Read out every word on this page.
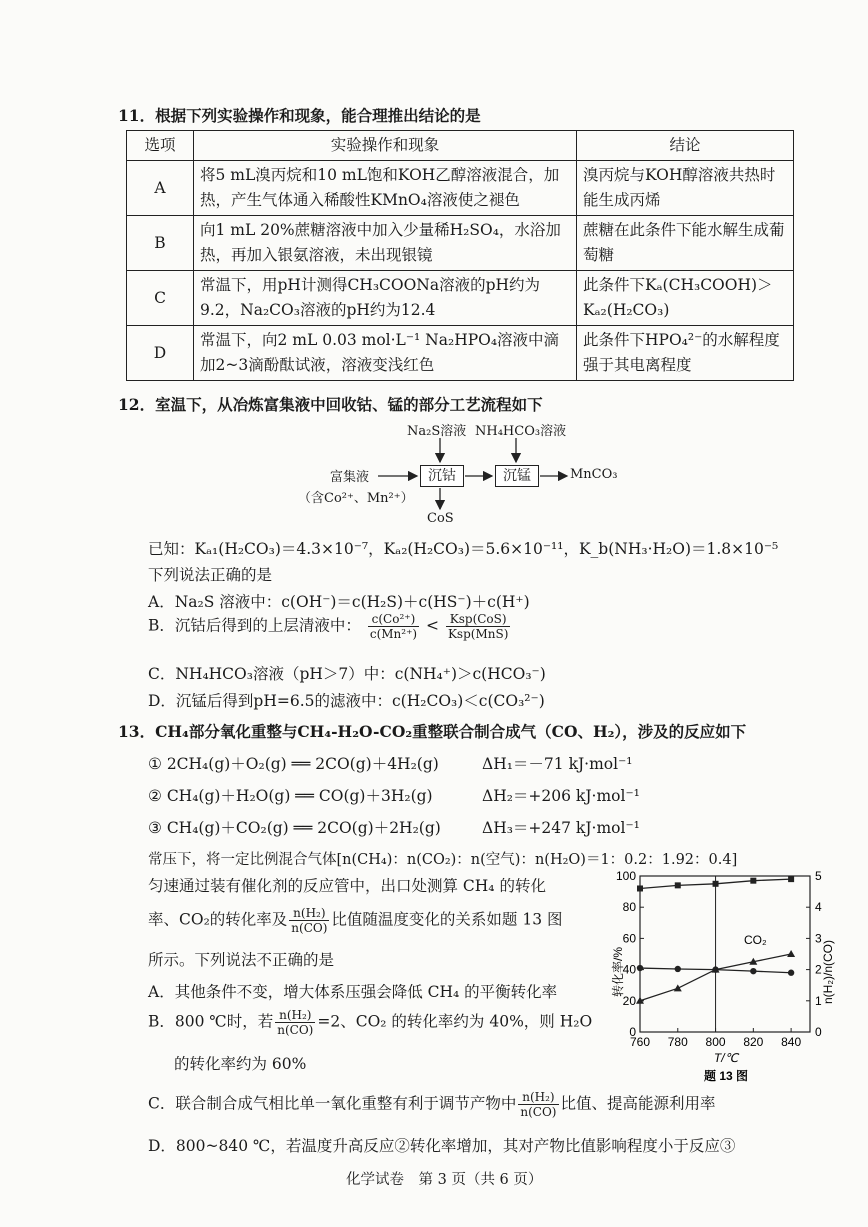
11．根据下列实验操作和现象，能合理推出结论的是
选项	实验操作和现象	结论
A	将5 mL溴丙烷和10 mL饱和KOH乙醇溶液混合，加热，产生气体通入稀酸性KMnO₄溶液使之褪色	溴丙烷与KOH醇溶液共热时能生成丙烯
B	向1 mL 20%蔗糖溶液中加入少量稀H₂SO₄，水浴加热，再加入银氨溶液，未出现银镜	蔗糖在此条件下能水解生成葡萄糖
C	常温下，用pH计测得CH₃COONa溶液的pH约为9.2，Na₂CO₃溶液的pH约为12.4	此条件下Kₐ(CH₃COOH)＞Kₐ₂(H₂CO₃)
D	常温下，向2 mL 0.03 mol·L⁻¹ Na₂HPO₄溶液中滴加2~3滴酚酞试液，溶液变浅红色	此条件下HPO₄²⁻的水解程度强于其电离程度
12．室温下，从冶炼富集液中回收钴、锰的部分工艺流程如下
Na₂S溶液 NH₄HCO₃溶液
富集液
（含Co²⁺、Mn²⁺）
沉钴	沉锰	MnCO₃
CoS
已知：Kₐ₁(H₂CO₃)＝4.3×10⁻⁷，Kₐ₂(H₂CO₃)＝5.6×10⁻¹¹，K_b(NH₃·H₂O)＝1.8×10⁻⁵
下列说法正确的是
A．Na₂S 溶液中：c(OH⁻)＝c(H₂S)＋c(HS⁻)＋c(H⁺)
B．沉钴后得到的上层清液中： $\frac{\text{c(Co²⁺)}}{\text{c(Mn²⁺)}} < \frac{\text{Ksp(CoS)}}{\text{Ksp(MnS)}}$
C．NH₄HCO₃溶液（pH＞7）中：c(NH₄⁺)＞c(HCO₃⁻)
D．沉锰后得到pH=6.5的滤液中：c(H₂CO₃)＜c(CO₃²⁻)
13．CH₄部分氧化重整与CH₄-H₂O-CO₂重整联合制合成气（CO、H₂），涉及的反应如下
① 2CH₄(g)＋O₂(g) ══ 2CO(g)＋4H₂(g)	ΔH₁＝－71 kJ·mol⁻¹
② CH₄(g)＋H₂O(g) ══ CO(g)＋3H₂(g)	ΔH₂＝+206 kJ·mol⁻¹
③ CH₄(g)＋CO₂(g) ══ 2CO(g)＋2H₂(g)	ΔH₃＝+247 kJ·mol⁻¹
常压下，将一定比例混合气体[n(CH₄)：n(CO₂)：n(空气)：n(H₂O)＝1：0.2：1.92：0.4]
匀速通过装有催化剂的反应管中，出口处测算 CH₄ 的转化
率、CO₂的转化率及 $\frac{\text{n(H₂)}}{n(CO)}$ 比值随温度变化的关系如题 13 图
所示。下列说法不正确的是
A．其他条件不变，增大体系压强会降低 CH₄ 的平衡转化率
B．800 ℃时，若 $\frac{\text{n(H₂)}}{n(CO)} =2$、CO₂ 的转化率约为 40%，则 H₂O
的转化率约为 60%
C．联合制合成气相比单一氧化重整有利于调节产物中 $\frac{\text{n(H₂)}}{n(CO)}$ 比值、提高能源利用率
D．800~840 ℃，若温度升高反应②转化率增加，其对产物比值影响程度小于反应③
760 780 800 820 840
0
20
40
60
80
100
0
1
2
3
4
5
转化率/%	n(H₂)/n(CO)
T/℃
题 13 图
CO₂
化学试卷　第 3 页（共 6 页）
